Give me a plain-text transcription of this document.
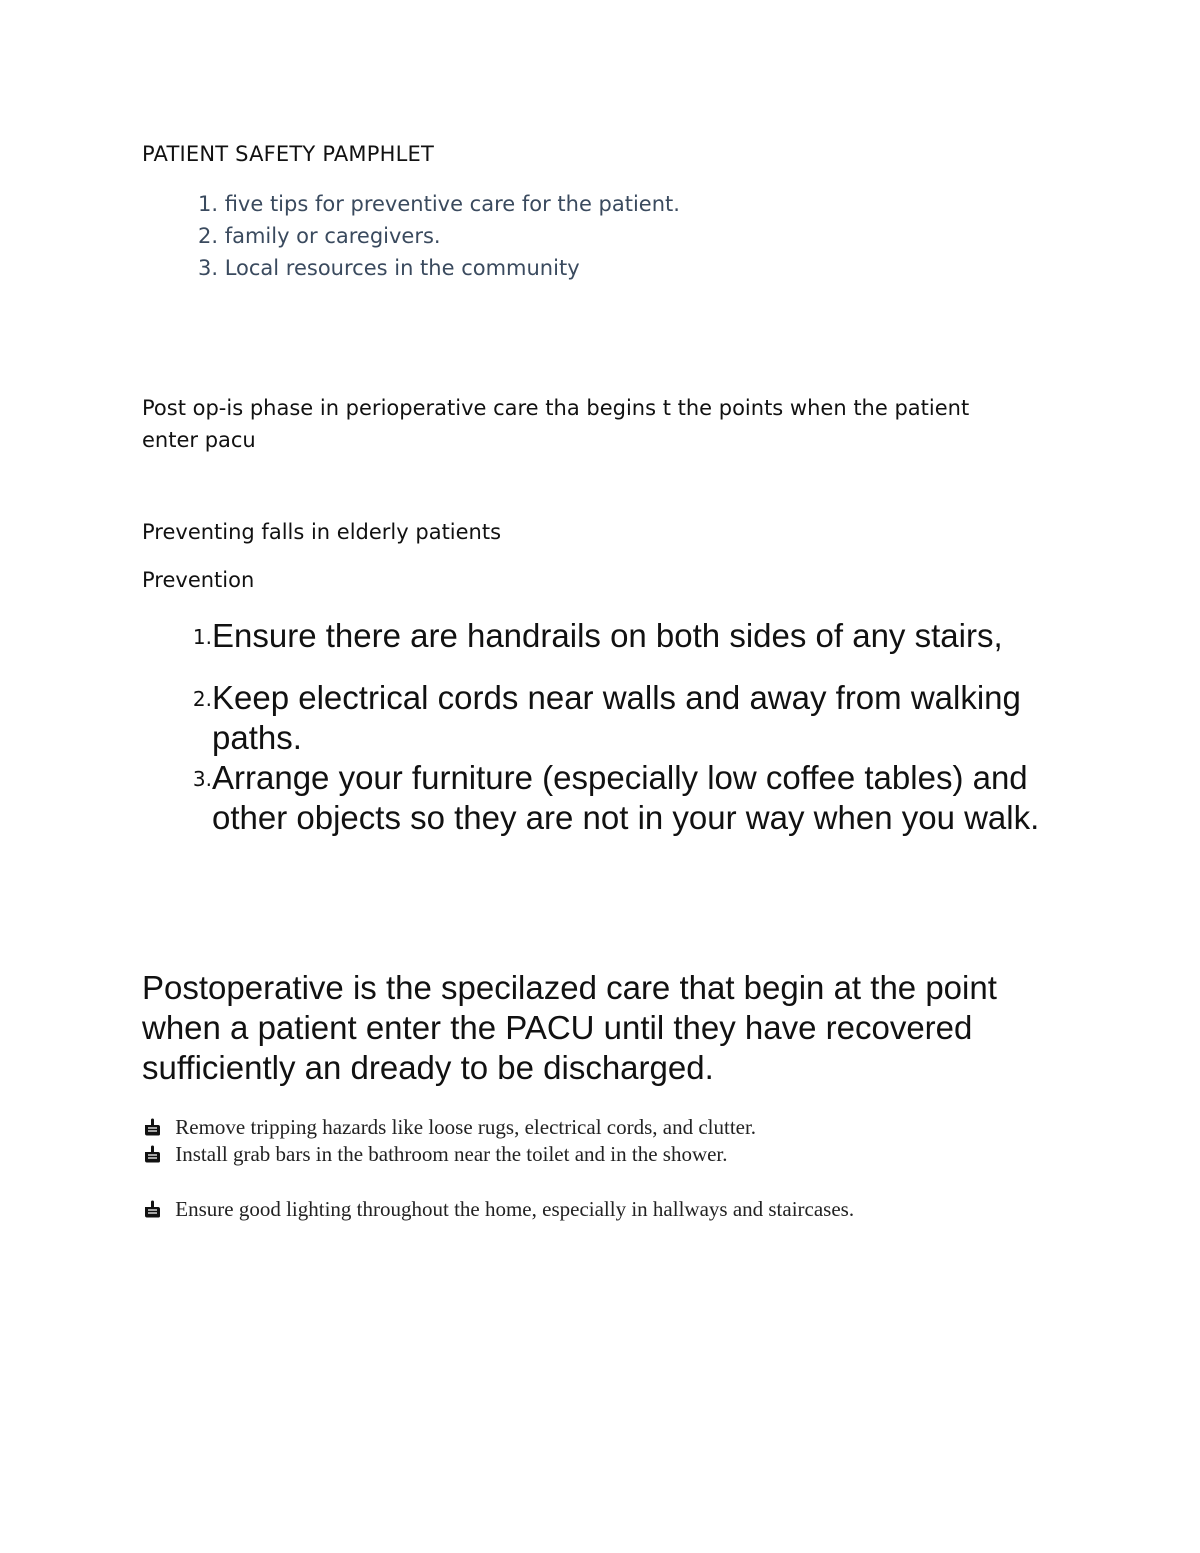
PATIENT SAFETY PAMPHLET

1. five tips for preventive care for the patient.
2. family or caregivers.
3. Local resources in the community

Post op-is phase in perioperative care tha begins t the points when the patient enter pacu

Preventing falls in elderly patients

Prevention

1. Ensure there are handrails on both sides of any stairs,
2. Keep electrical cords near walls and away from walking paths.
3. Arrange your furniture (especially low coffee tables) and other objects so they are not in your way when you walk.

Postoperative is the specilazed care that begin at the point when a patient enter the PACU until they have recovered sufficiently an dready to be discharged.

Remove tripping hazards like loose rugs, electrical cords, and clutter.
Install grab bars in the bathroom near the toilet and in the shower.
Ensure good lighting throughout the home, especially in hallways and staircases.
